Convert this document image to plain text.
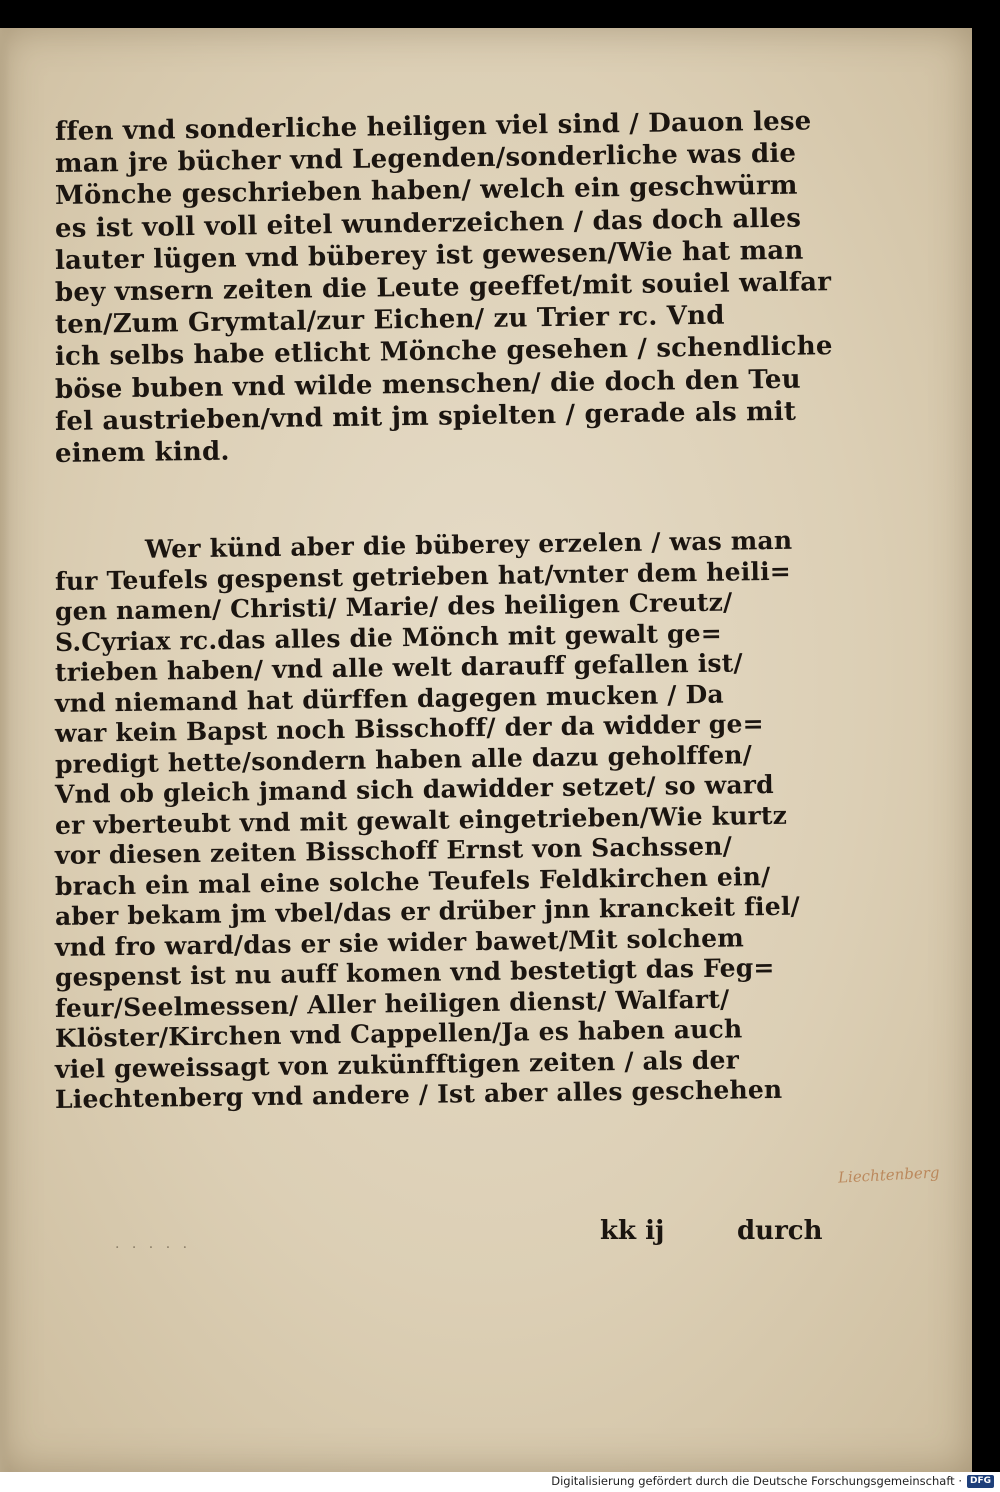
ffen vnd sonderliche heiligen viel sind / Dauon lese
man jre bücher vnd Legenden/sonderliche was die
Mönche geschrieben haben/ welch ein geschwürm
es ist voll voll eitel wunderzeichen / das doch alles
lauter lügen vnd büberey ist gewesen/Wie hat man
bey vnsern zeiten die Leute geeffet/mit souiel walfar
ten/Zum Grymtal/zur Eichen/ zu Trier rc. Vnd
ich selbs habe etlicht Mönche gesehen / schendliche
böse buben vnd wilde menschen/ die doch den Teu
fel austrieben/vnd mit jm spielten / gerade als mit
einem kind.
Wer künd aber die büberey erzelen / was man
fur Teufels gespenst getrieben hat/vnter dem heili=
gen namen/ Christi/ Marie/ des heiligen Creutz/
S.Cyriax rc.das alles die Mönch mit gewalt ge=
trieben haben/ vnd alle welt darauff gefallen ist/
vnd niemand hat dürffen dagegen mucken / Da
war kein Bapst noch Bisschoff/ der da widder ge=
predigt hette/sondern haben alle dazu geholffen/
Vnd ob gleich jmand sich dawidder setzet/ so ward
er vberteubt vnd mit gewalt eingetrieben/Wie kurtz
vor diesen zeiten Bisschoff Ernst von Sachssen/
brach ein mal eine solche Teufels Feldkirchen ein/
aber bekam jm vbel/das er drüber jnn kranckeit fiel/
vnd fro ward/das er sie wider bawet/Mit solchem
gespenst ist nu auff komen vnd bestetigt das Feg=
feur/Seelmessen/ Aller heiligen dienst/ Walfart/
Klöster/Kirchen vnd Cappellen/Ja es haben auch
viel geweissagt von zukünfftigen zeiten / als der
Liechtenberg vnd andere / Ist aber alles geschehen
kk ij	durch
Liechtenberg
· · · · ·
Digitalisierung gefördert durch die Deutsche Forschungsgemeinschaft · DFG
